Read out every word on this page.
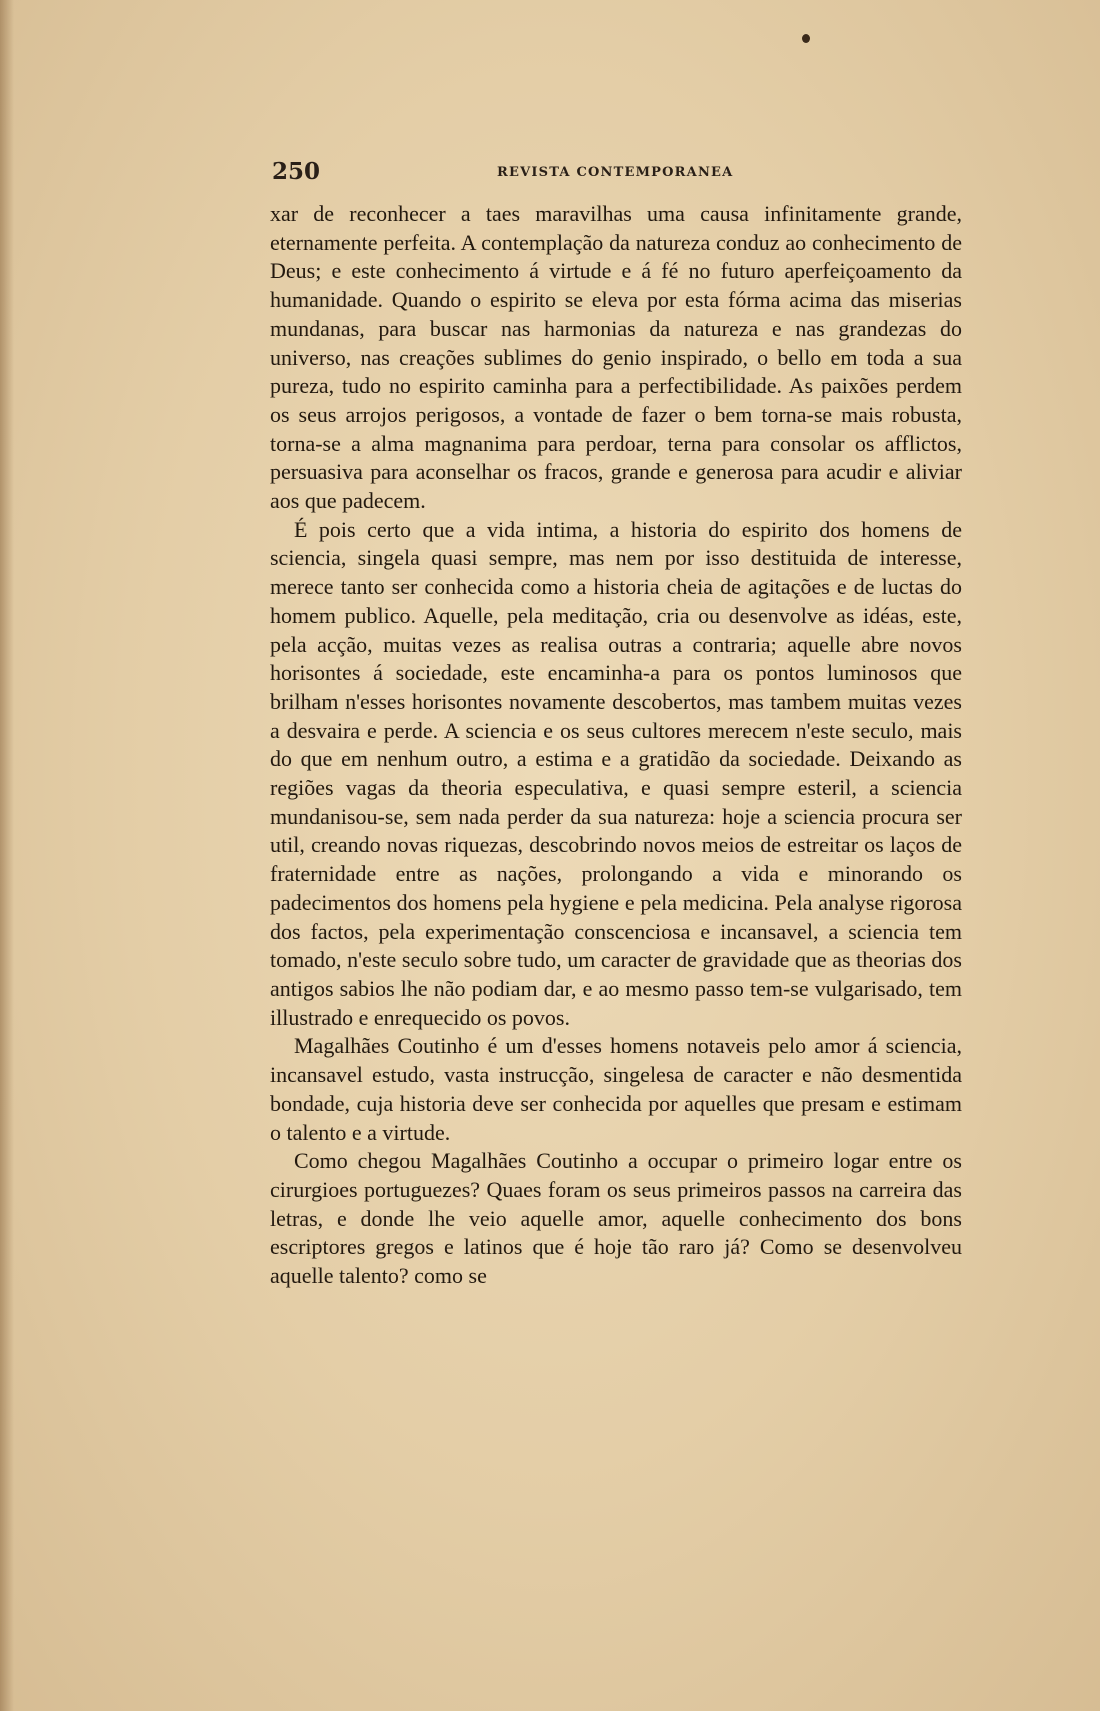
250	REVISTA CONTEMPORANEA

xar de reconhecer a taes maravilhas uma causa infinitamente grande, eternamente perfeita. A contemplação da natureza conduz ao conhecimento de Deus; e este conhecimento á virtude e á fé no futuro aperfeiçoamento da humanidade. Quando o espirito se eleva por esta fórma acima das miserias mundanas, para buscar nas harmonias da natureza e nas grandezas do universo, nas creações sublimes do genio inspirado, o bello em toda a sua pureza, tudo no espirito caminha para a perfectibilidade. As paixões perdem os seus arrojos perigosos, a vontade de fazer o bem torna-se mais robusta, torna-se a alma magnanima para perdoar, terna para consolar os afflictos, persuasiva para aconselhar os fracos, grande e generosa para acudir e aliviar aos que padecem.

É pois certo que a vida intima, a historia do espirito dos homens de sciencia, singela quasi sempre, mas nem por isso destituida de interesse, merece tanto ser conhecida como a historia cheia de agitações e de luctas do homem publico. Aquelle, pela meditação, cria ou desenvolve as idéas, este, pela acção, muitas vezes as realisa outras a contraria; aquelle abre novos horisontes á sociedade, este encaminha-a para os pontos luminosos que brilham n'esses horisontes novamente descobertos, mas tambem muitas vezes a desvaira e perde. A sciencia e os seus cultores merecem n'este seculo, mais do que em nenhum outro, a estima e a gratidão da sociedade. Deixando as regiões vagas da theoria especulativa, e quasi sempre esteril, a sciencia mundanisou-se, sem nada perder da sua natureza: hoje a sciencia procura ser util, creando novas riquezas, descobrindo novos meios de estreitar os laços de fraternidade entre as nações, prolongando a vida e minorando os padecimentos dos homens pela hygiene e pela medicina. Pela analyse rigorosa dos factos, pela experimentação conscenciosa e incansavel, a sciencia tem tomado, n'este seculo sobre tudo, um caracter de gravidade que as theorias dos antigos sabios lhe não podiam dar, e ao mesmo passo tem-se vulgarisado, tem illustrado e enrequecido os povos.

Magalhães Coutinho é um d'esses homens notaveis pelo amor á sciencia, incansavel estudo, vasta instrucção, singelesa de caracter e não desmentida bondade, cuja historia deve ser conhecida por aquelles que presam e estimam o talento e a virtude.

Como chegou Magalhães Coutinho a occupar o primeiro logar entre os cirurgioes portuguezes? Quaes foram os seus primeiros passos na carreira das letras, e donde lhe veio aquelle amor, aquelle conhecimento dos bons escriptores gregos e latinos que é hoje tão raro já? Como se desenvolveu aquelle talento? como se
